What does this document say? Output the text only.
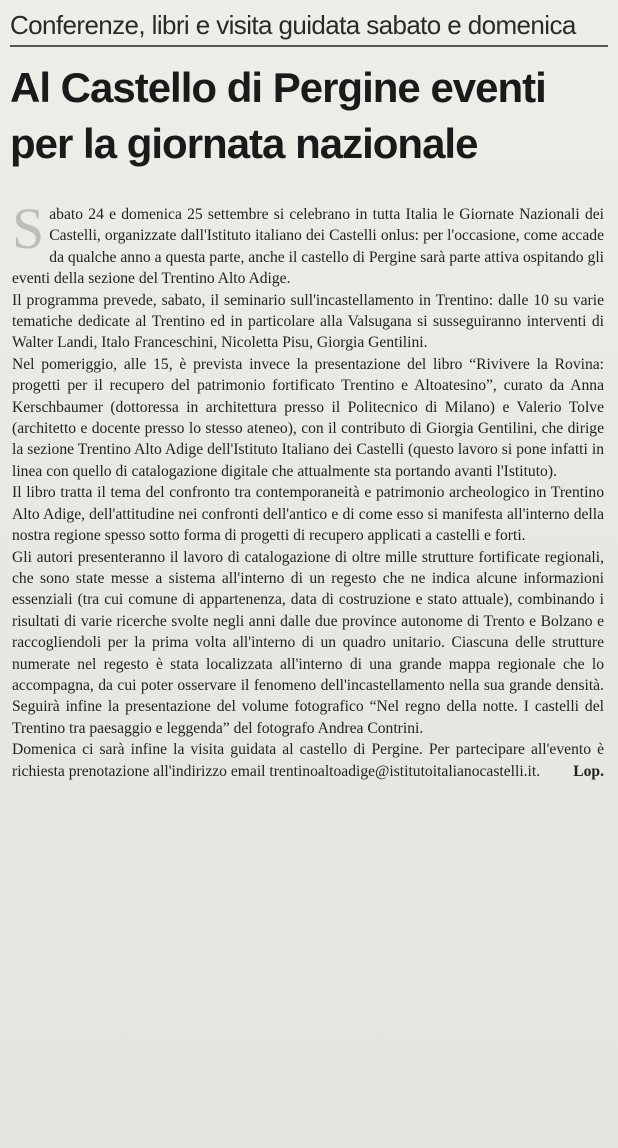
Conferenze, libri e visita guidata sabato e domenica
Al Castello di Pergine eventi
per la giornata nazionale

Sabato 24 e domenica 25 settembre si celebrano in tutta Italia le Giornate Nazionali dei Castelli, organizzate dall'Istituto italiano dei Castelli onlus: per l'occasione, come accade da qualche anno a questa parte, anche il castello di Pergine sarà parte attiva ospitando gli eventi della sezione del Trentino Alto Adige.

Il programma prevede, sabato, il seminario sull'incastellamento in Trentino: dalle 10 su varie tematiche dedicate al Trentino ed in particolare alla Valsugana si susseguiranno interventi di Walter Landi, Italo Franceschini, Nicoletta Pisu, Giorgia Gentilini.

Nel pomeriggio, alle 15, è prevista invece la presentazione del libro “Rivivere la Rovina: progetti per il recupero del patrimonio fortificato Trentino e Altoatesino”, curato da Anna Kerschbaumer (dottoressa in architettura presso il Politecnico di Milano) e Valerio Tolve (architetto e docente presso lo stesso ateneo), con il contributo di Giorgia Gentilini, che dirige la sezione Trentino Alto Adige dell'Istituto Italiano dei Castelli (questo lavoro si pone infatti in linea con quello di catalogazione digitale che attualmente sta portando avanti l'Istituto).

Il libro tratta il tema del confronto tra contemporaneità e patrimonio archeologico in Trentino Alto Adige, dell'attitudine nei confronti dell'antico e di come esso si manifesta all'interno della nostra regione spesso sotto forma di progetti di recupero applicati a castelli e forti.

Gli autori presenteranno il lavoro di catalogazione di oltre mille strutture fortificate regionali, che sono state messe a sistema all'interno di un regesto che ne indica alcune informazioni essenziali (tra cui comune di appartenenza, data di costruzione e stato attuale), combinando i risultati di varie ricerche svolte negli anni dalle due province autonome di Trento e Bolzano e raccogliendoli per la prima volta all'interno di un quadro unitario. Ciascuna delle strutture numerate nel regesto è stata localizzata all'interno di una grande mappa regionale che lo accompagna, da cui poter osservare il fenomeno dell'incastellamento nella sua grande densità. Seguirà infine la presentazione del volume fotografico “Nel regno della notte. I castelli del Trentino tra paesaggio e leggenda” del fotografo Andrea Contrini.

Domenica ci sarà infine la visita guidata al castello di Pergine. Per partecipare all'evento è richiesta prenotazione all'indirizzo email trentinoaltoadige@istitutoitalianocastelli.it. Lop.
